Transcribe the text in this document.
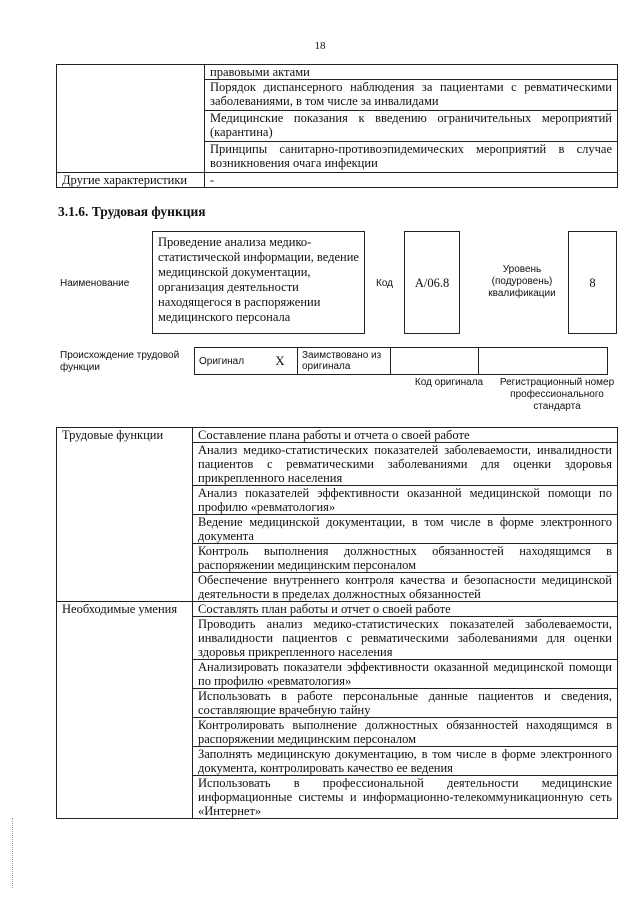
18
	правовыми актами
	Порядок диспансерного наблюдения за пациентами с ревматическими заболеваниями, в том числе за инвалидами
	Медицинские показания к введению ограничительных мероприятий (карантина)
	Принципы санитарно-противоэпидемических мероприятий в случае возникновения очага инфекции
Другие характеристики	-
3.1.6. Трудовая функция
Наименование
Проведение анализа медико-статистической информации, ведение медицинской документации, организация деятельности находящегося в распоряжении медицинского персонала
Код	A/06.8
Уровень (подуровень) квалификации
8
Происхождение трудовой функции
Оригинал	X	Заимствовано из оригинала		
Код оригинала	Регистрационный номер профессионального стандарта
Трудовые функции	Составление плана работы и отчета о своей работе
	Анализ медико-статистических показателей заболеваемости, инвалидности пациентов с ревматическими заболеваниями для оценки здоровья прикрепленного населения
	Анализ показателей эффективности оказанной медицинской помощи по профилю «ревматология»
	Ведение медицинской документации, в том числе в форме электронного документа
	Контроль выполнения должностных обязанностей находящимся в распоряжении медицинским персоналом
	Обеспечение внутреннего контроля качества и безопасности медицинской деятельности в пределах должностных обязанностей
Необходимые умения	Составлять план работы и отчет о своей работе
	Проводить анализ медико-статистических показателей заболеваемости, инвалидности пациентов с ревматическими заболеваниями для оценки здоровья прикрепленного населения
	Анализировать показатели эффективности оказанной медицинской помощи по профилю «ревматология»
	Использовать в работе персональные данные пациентов и сведения, составляющие врачебную тайну
	Контролировать выполнение должностных обязанностей находящимся в распоряжении медицинским персоналом
	Заполнять медицинскую документацию, в том числе в форме электронного документа, контролировать качество ее ведения
	Использовать в профессиональной деятельности медицинские информационные системы и информационно-телекоммуникационную сеть «Интернет»
